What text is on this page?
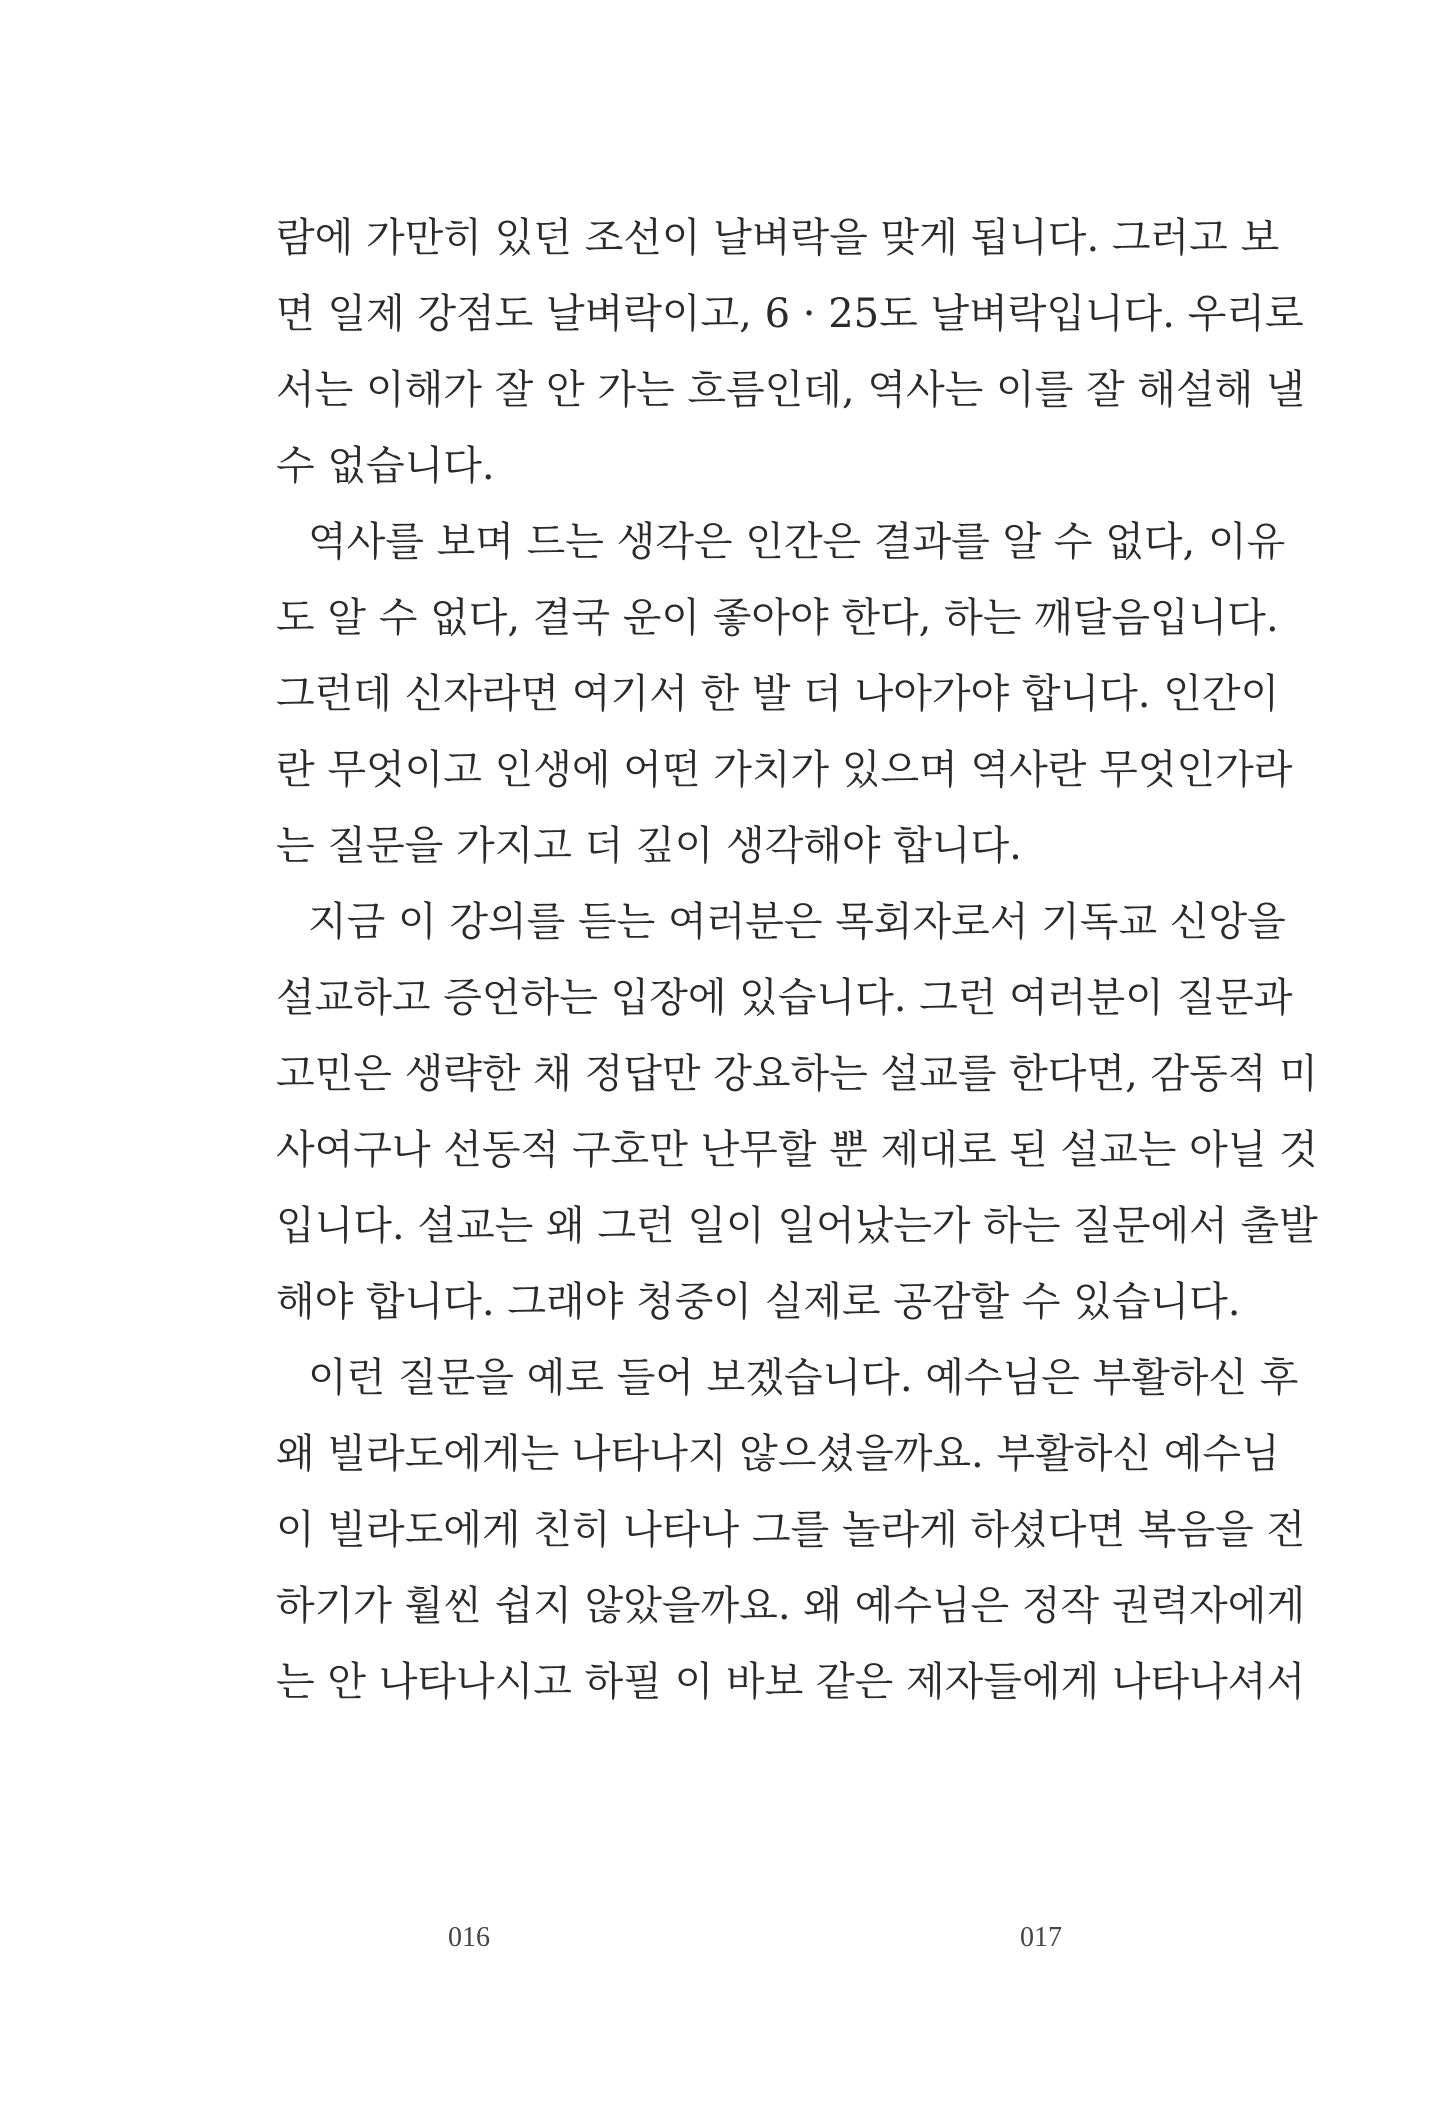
람에 가만히 있던 조선이 날벼락을 맞게 됩니다. 그러고 보
면 일제 강점도 날벼락이고, 6 · 25도 날벼락입니다. 우리로
서는 이해가 잘 안 가는 흐름인데, 역사는 이를 잘 해설해 낼
수 없습니다.
역사를 보며 드는 생각은 인간은 결과를 알 수 없다, 이유
도 알 수 없다, 결국 운이 좋아야 한다, 하는 깨달음입니다.
그런데 신자라면 여기서 한 발 더 나아가야 합니다. 인간이
란 무엇이고 인생에 어떤 가치가 있으며 역사란 무엇인가라
는 질문을 가지고 더 깊이 생각해야 합니다.
지금 이 강의를 듣는 여러분은 목회자로서 기독교 신앙을
설교하고 증언하는 입장에 있습니다. 그런 여러분이 질문과
고민은 생략한 채 정답만 강요하는 설교를 한다면, 감동적 미
사여구나 선동적 구호만 난무할 뿐 제대로 된 설교는 아닐 것
입니다. 설교는 왜 그런 일이 일어났는가 하는 질문에서 출발
해야 합니다. 그래야 청중이 실제로 공감할 수 있습니다.
이런 질문을 예로 들어 보겠습니다. 예수님은 부활하신 후
왜 빌라도에게는 나타나지 않으셨을까요. 부활하신 예수님
이 빌라도에게 친히 나타나 그를 놀라게 하셨다면 복음을 전
하기가 훨씬 쉽지 않았을까요. 왜 예수님은 정작 권력자에게
는 안 나타나시고 하필 이 바보 같은 제자들에게 나타나셔서
016	017
